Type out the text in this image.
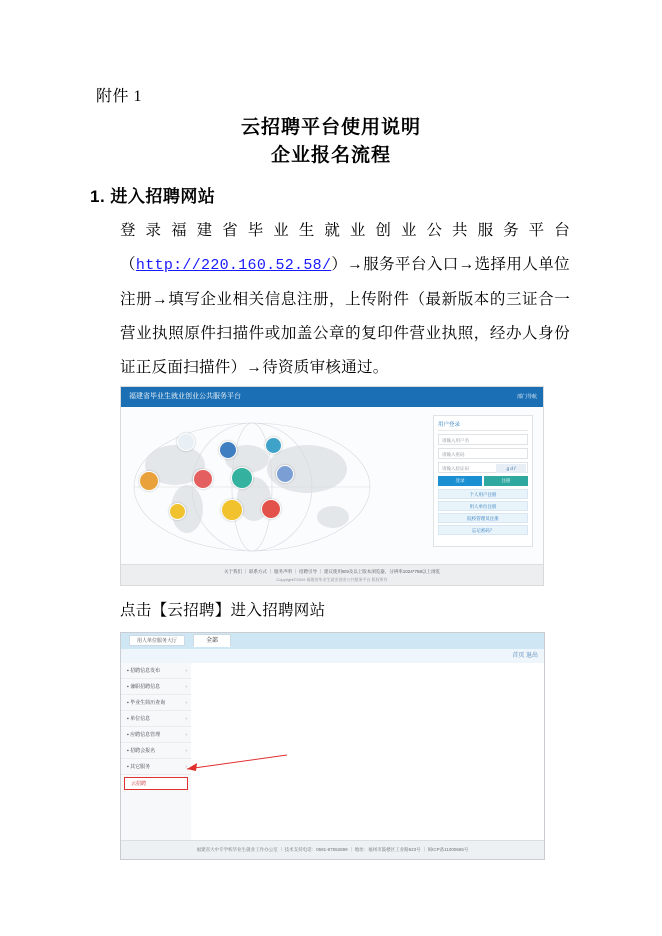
附件 1
云招聘平台使用说明
企业报名流程
1. 进入招聘网站
登录福建省毕业生就业创业公共服务平台（http://220.160.52.58/）→服务平台入口→选择用人单位注册→填写企业相关信息注册，上传附件（最新版本的三证合一营业执照原件扫描件或加盖公章的复印件营业执照，经办人身份证正反面扫描件）→待资质审核通过。
福建省毕业生就业创业公共服务平台	部门导航
用户登录
请输入用户名
请输入密码
请输入验证码	g d f
登录	注册
个人用户注册
用人单位注册
院校管理员注册
忘记密码？
关于我们 ｜ 联系方式 ｜ 服务声明 ｜ 招聘引导 ｜ 建议使用IE9及以上版本浏览器，分辨率1024*768以上浏览
Copyright©2019 福建省毕业生就业创业公共服务平台 版权所有
点击【云招聘】进入招聘网站
用人单位服务大厅	全部
首页 退出
▪ 招聘信息发布	›
▪ 兼职招聘信息	›
▪ 毕业生简历查询	›
▪ 单位信息	›
▪ 应聘信息管理	›
▪ 招聘会报名	›
▪ 其它服务	›
云招聘
福建省大中专学校毕业生就业工作办公室 ｜ 技术支持电话：0591-87552899 ｜ 地址：福州市鼓楼区工业路523号 ｜ 闽ICP备11000665号
